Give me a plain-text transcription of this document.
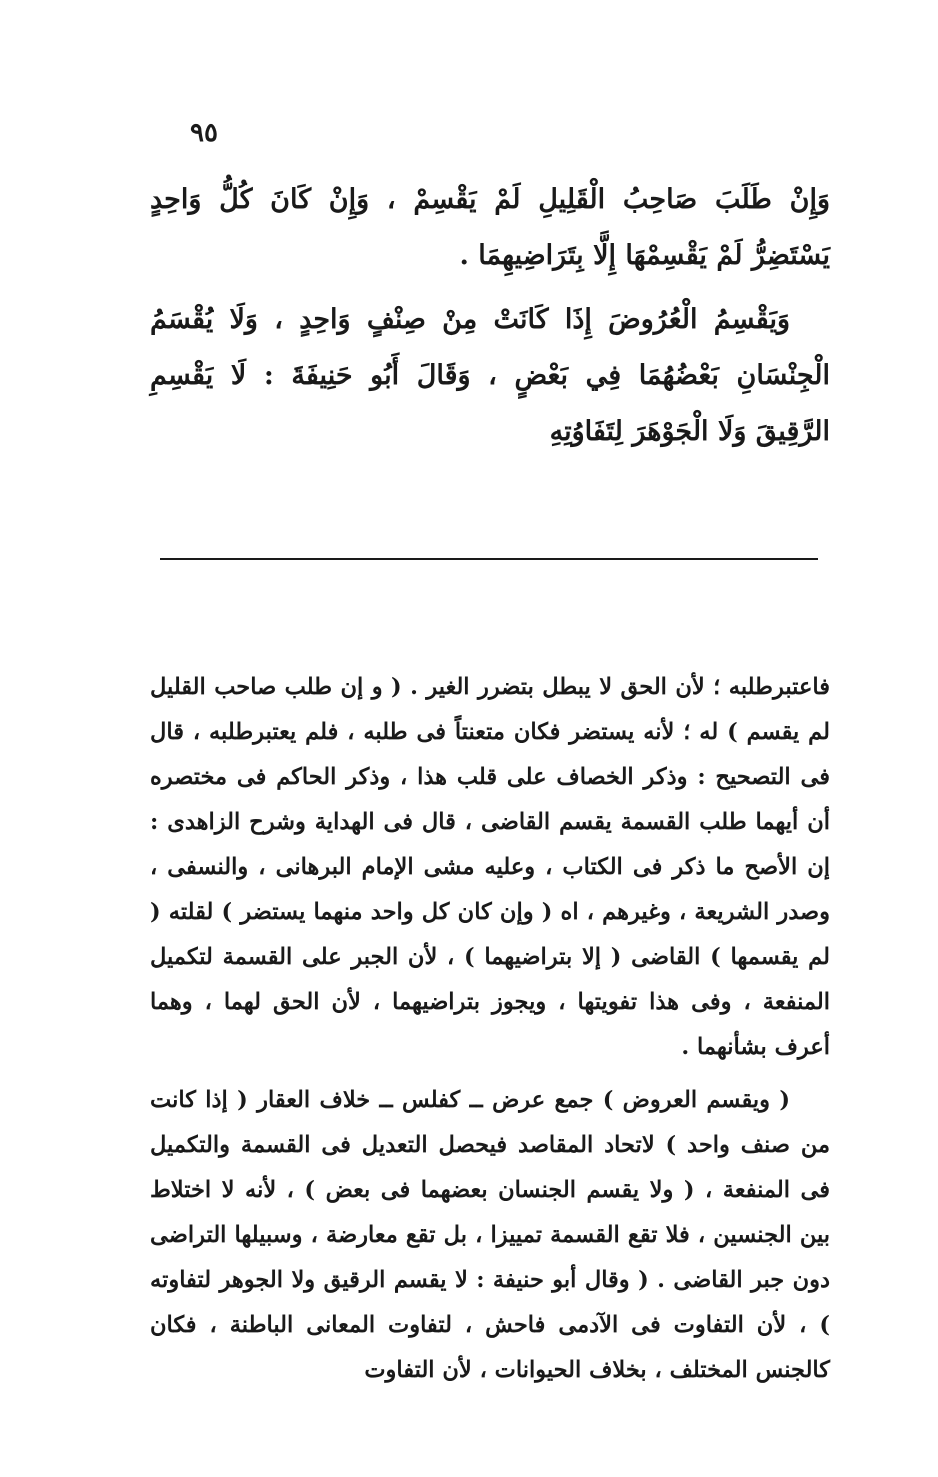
٩٥

وَإِنْ طَلَبَ صَاحِبُ الْقَلِيلِ لَمْ يَقْسِمْ ، وَإِنْ كَانَ كُلُّ وَاحِدٍ يَسْتَضِرُّ لَمْ يَقْسِمْهَا إِلَّا بِتَرَاضِيهِمَا .

وَيَقْسِمُ الْعُرُوضَ إِذَا كَانَتْ مِنْ صِنْفٍ وَاحِدٍ ، وَلَا يُقْسَمُ الْجِنْسَانِ بَعْضُهُمَا فِي بَعْضٍ ، وَقَالَ أَبُو حَنِيفَةَ : لَا يَقْسِمِ الرَّقِيقَ وَلَا الْجَوْهَرَ لِتَفَاوُتِهِ

فاعتبرطلبه ؛ لأن الحق لا يبطل بتضرر الغير . ( و إن طلب صاحب القليل لم يقسم ) له ؛ لأنه يستضر فكان متعنتاً فى طلبه ، فلم يعتبرطلبه ، قال فى التصحيح : وذكر الخصاف على قلب هذا ، وذكر الحاكم فى مختصره أن أيهما طلب القسمة يقسم القاضى ، قال فى الهداية وشرح الزاهدى : إن الأصح ما ذكر فى الكتاب ، وعليه مشى الإمام البرهانى ، والنسفى ، وصدر الشريعة ، وغيرهم ، اه ( وإن كان كل واحد منهما يستضر ) لقلته ( لم يقسمها ) القاضى ( إلا بتراضيهما ) ، لأن الجبر على القسمة لتكميل المنفعة ، وفى هذا تفويتها ، ويجوز بتراضيهما ، لأن الحق لهما ، وهما أعرف بشأنهما .

( ويقسم العروض ) جمع عرض ــ كفلس ــ خلاف العقار ( إذا كانت من صنف واحد ) لاتحاد المقاصد فيحصل التعديل فى القسمة والتكميل فى المنفعة ، ( ولا يقسم الجنسان بعضهما فى بعض ) ، لأنه لا اختلاط بين الجنسين ، فلا تقع القسمة تمييزا ، بل تقع معارضة ، وسبيلها التراضى دون جبر القاضى . ( وقال أبو حنيفة : لا يقسم الرقيق ولا الجوهر لتفاوته ) ، لأن التفاوت فى الآدمى فاحش ، لتفاوت المعانى الباطنة ، فكان كالجنس المختلف ، بخلاف الحيوانات ، لأن التفاوت
